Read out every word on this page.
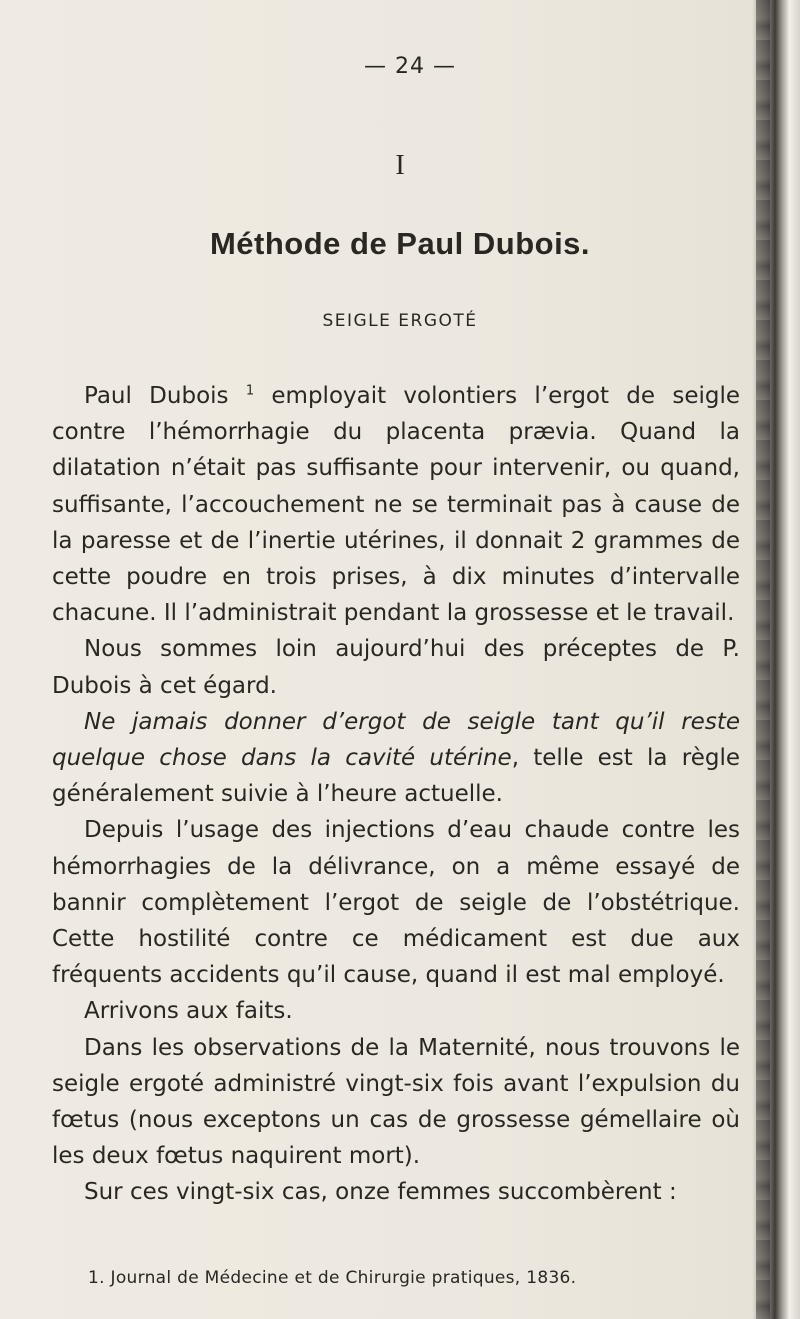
— 24 —
I
Méthode de Paul Dubois.
SEIGLE ERGOTÉ

Paul Dubois $^1$ employait volontiers l’ergot de seigle contre l’hémorrhagie du placenta prævia. Quand la dilatation n’était pas suffisante pour intervenir, ou quand, suffisante, l’accouchement ne se terminait pas à cause de la paresse et de l’inertie utérines, il donnait 2 grammes de cette poudre en trois prises, à dix minutes d’intervalle chacune. Il l’administrait pendant la grossesse et le travail.

Nous sommes loin aujourd’hui des préceptes de P. Dubois à cet égard.

Ne jamais donner d’ergot de seigle tant qu’il reste quelque chose dans la cavité utérine, telle est la règle généralement suivie à l’heure actuelle.

Depuis l’usage des injections d’eau chaude contre les hémorrhagies de la délivrance, on a même essayé de bannir complètement l’ergot de seigle de l’obstétrique. Cette hostilité contre ce médicament est due aux fréquents accidents qu’il cause, quand il est mal employé.

Arrivons aux faits.

Dans les observations de la Maternité, nous trouvons le seigle ergoté administré vingt-six fois avant l’expulsion du fœtus (nous exceptons un cas de grossesse gémellaire où les deux fœtus naquirent mort).

Sur ces vingt-six cas, onze femmes succombèrent :

1. Journal de Médecine et de Chirurgie pratiques, 1836.
